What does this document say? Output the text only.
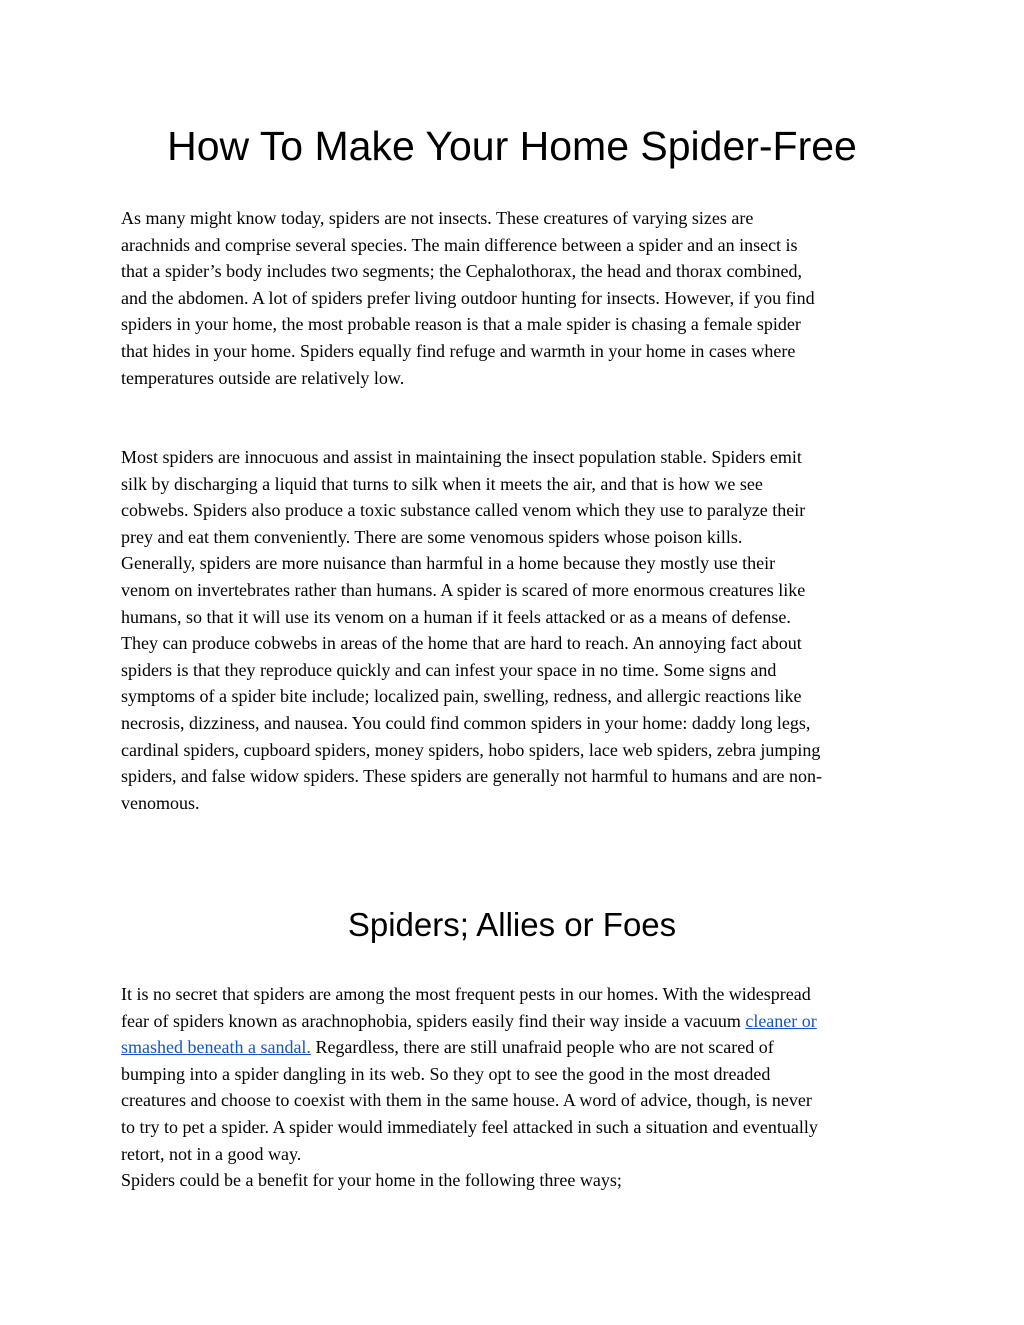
How To Make Your Home Spider-Free

As many might know today, spiders are not insects. These creatures of varying sizes are
arachnids and comprise several species. The main difference between a spider and an insect is
that a spider’s body includes two segments; the Cephalothorax, the head and thorax combined,
and the abdomen. A lot of spiders prefer living outdoor hunting for insects. However, if you find
spiders in your home, the most probable reason is that a male spider is chasing a female spider
that hides in your home. Spiders equally find refuge and warmth in your home in cases where
temperatures outside are relatively low.

Most spiders are innocuous and assist in maintaining the insect population stable. Spiders emit
silk by discharging a liquid that turns to silk when it meets the air, and that is how we see
cobwebs. Spiders also produce a toxic substance called venom which they use to paralyze their
prey and eat them conveniently. There are some venomous spiders whose poison kills.
Generally, spiders are more nuisance than harmful in a home because they mostly use their
venom on invertebrates rather than humans. A spider is scared of more enormous creatures like
humans, so that it will use its venom on a human if it feels attacked or as a means of defense.
They can produce cobwebs in areas of the home that are hard to reach. An annoying fact about
spiders is that they reproduce quickly and can infest your space in no time. Some signs and
symptoms of a spider bite include; localized pain, swelling, redness, and allergic reactions like
necrosis, dizziness, and nausea. You could find common spiders in your home: daddy long legs,
cardinal spiders, cupboard spiders, money spiders, hobo spiders, lace web spiders, zebra jumping
spiders, and false widow spiders. These spiders are generally not harmful to humans and are non-
venomous.

Spiders; Allies or Foes

It is no secret that spiders are among the most frequent pests in our homes. With the widespread
fear of spiders known as arachnophobia, spiders easily find their way inside a vacuum cleaner or
smashed beneath a sandal. Regardless, there are still unafraid people who are not scared of
bumping into a spider dangling in its web. So they opt to see the good in the most dreaded
creatures and choose to coexist with them in the same house. A word of advice, though, is never
to try to pet a spider. A spider would immediately feel attacked in such a situation and eventually
retort, not in a good way.
Spiders could be a benefit for your home in the following three ways;
